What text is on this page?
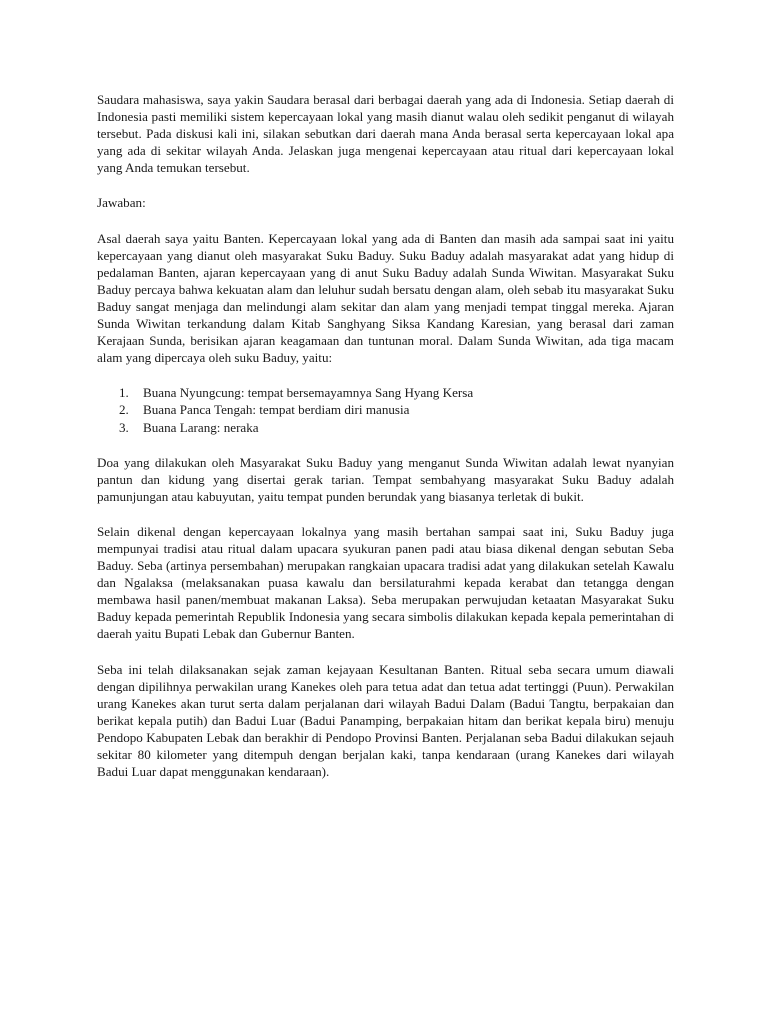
Saudara mahasiswa, saya yakin Saudara berasal dari berbagai daerah yang ada di Indonesia. Setiap daerah di Indonesia pasti memiliki sistem kepercayaan lokal yang masih dianut walau oleh sedikit penganut di wilayah tersebut. Pada diskusi kali ini, silakan sebutkan dari daerah mana Anda berasal serta kepercayaan lokal apa yang ada di sekitar wilayah Anda. Jelaskan juga mengenai kepercayaan atau ritual dari kepercayaan lokal yang Anda temukan tersebut.

Jawaban:

Asal daerah saya yaitu Banten. Kepercayaan lokal yang ada di Banten dan masih ada sampai saat ini yaitu kepercayaan yang dianut oleh masyarakat Suku Baduy. Suku Baduy adalah masyarakat adat yang hidup di pedalaman Banten, ajaran kepercayaan yang di anut Suku Baduy adalah Sunda Wiwitan. Masyarakat Suku Baduy percaya bahwa kekuatan alam dan leluhur sudah bersatu dengan alam, oleh sebab itu masyarakat Suku Baduy sangat menjaga dan melindungi alam sekitar dan alam yang menjadi tempat tinggal mereka. Ajaran Sunda Wiwitan terkandung dalam Kitab Sanghyang Siksa Kandang Karesian, yang berasal dari zaman Kerajaan Sunda, berisikan ajaran keagamaan dan tuntunan moral. Dalam Sunda Wiwitan, ada tiga macam alam yang dipercaya oleh suku Baduy, yaitu:

1. Buana Nyungcung: tempat bersemayamnya Sang Hyang Kersa
2. Buana Panca Tengah: tempat berdiam diri manusia
3. Buana Larang: neraka

Doa yang dilakukan oleh Masyarakat Suku Baduy yang menganut Sunda Wiwitan adalah lewat nyanyian pantun dan kidung yang disertai gerak tarian. Tempat sembahyang masyarakat Suku Baduy adalah pamunjungan atau kabuyutan, yaitu tempat punden berundak yang biasanya terletak di bukit.

Selain dikenal dengan kepercayaan lokalnya yang masih bertahan sampai saat ini, Suku Baduy juga mempunyai tradisi atau ritual dalam upacara syukuran panen padi atau biasa dikenal dengan sebutan Seba Baduy. Seba (artinya persembahan) merupakan rangkaian upacara tradisi adat yang dilakukan setelah Kawalu dan Ngalaksa (melaksanakan puasa kawalu dan bersilaturahmi kepada kerabat dan tetangga dengan membawa hasil panen/membuat makanan Laksa). Seba merupakan perwujudan ketaatan Masyarakat Suku Baduy kepada pemerintah Republik Indonesia yang secara simbolis dilakukan kepada kepala pemerintahan di daerah yaitu Bupati Lebak dan Gubernur Banten.

Seba ini telah dilaksanakan sejak zaman kejayaan Kesultanan Banten. Ritual seba secara umum diawali dengan dipilihnya perwakilan urang Kanekes oleh para tetua adat dan tetua adat tertinggi (Puun). Perwakilan urang Kanekes akan turut serta dalam perjalanan dari wilayah Badui Dalam (Badui Tangtu, berpakaian dan berikat kepala putih) dan Badui Luar (Badui Panamping, berpakaian hitam dan berikat kepala biru) menuju Pendopo Kabupaten Lebak dan berakhir di Pendopo Provinsi Banten. Perjalanan seba Badui dilakukan sejauh sekitar 80 kilometer yang ditempuh dengan berjalan kaki, tanpa kendaraan (urang Kanekes dari wilayah Badui Luar dapat menggunakan kendaraan).
